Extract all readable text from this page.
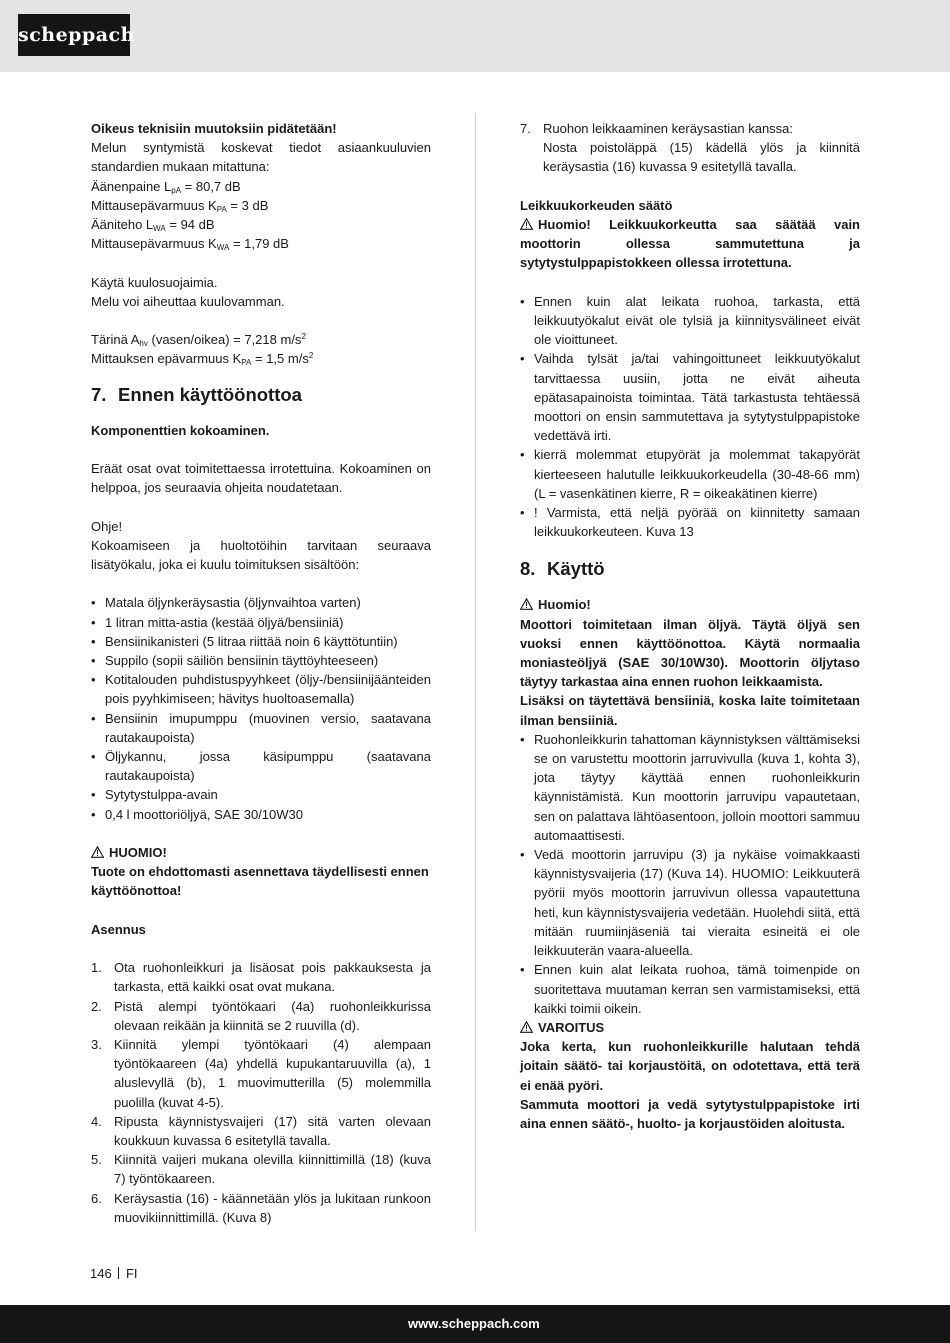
scheppach

Oikeus teknisiin muutoksiin pidätetään!

Melun syntymistä koskevat tiedot asiaankuuluvien standardien mukaan mitattuna:

Äänenpaine $L_{pA} = 80,7$ dB

Mittausepävarmuus $K_{PA} = 3$ dB

Ääniteho $L_{WA} = 94$ dB

Mittausepävarmuus $K_{WA} = 1,79$ dB

Käytä kuulosuojaimia.

Melu voi aiheuttaa kuulovamman.

Tärinä $A_{hv}$ (vasen/oikea) = 7,218 $m/s^2$

Mittauksen epävarmuus $K_{PA} = 1,5$ $m/s^2$

7. Ennen käyttöönottoa

Komponenttien kokoaminen.

Eräät osat ovat toimitettaessa irrotettuina. Kokoaminen on helppoa, jos seuraavia ohjeita noudatetaan.

Ohje!

Kokoamiseen ja huoltotöihin tarvitaan seuraava lisätyökalu, joka ei kuulu toimituksen sisältöön:

• Matala öljynkeräysastia (öljynvaihtoa varten)
• 1 litran mitta-astia (kestää öljyä/bensiiniä)
• Bensiinikanisteri (5 litraa riittää noin 6 käyttötuntiin)
• Suppilo (sopii säiliön bensiinin täyttöyhteeseen)
• Kotitalouden puhdistuspyyhkeet (öljy-/bensiinijäänteiden pois pyyhkimiseen; hävitys huoltoasemalla)
• Bensiinin imupumppu (muovinen versio, saatavana rautakaupoista)
• Öljykannu, jossa käsipumppu (saatavana rautakaupoista)
• Sytytystulppa-avain
• 0,4 l moottoriöljyä, SAE 30/10W30

HUOMIO!

Tuote on ehdottomasti asennettava täydellisesti ennen käyttöönottoa!

Asennus

1. Ota ruohonleikkuri ja lisäosat pois pakkauksesta ja tarkasta, että kaikki osat ovat mukana.
2. Pistä alempi työntökaari (4a) ruohonleikkurissa olevaan reikään ja kiinnitä se 2 ruuvilla (d).
3. Kiinnitä ylempi työntökaari (4) alempaan työntökaareen (4a) yhdellä kupukantaruuvilla (a), 1 aluslevyllä (b), 1 muovimutterilla (5) molemmilla puolilla (kuvat 4-5).
4. Ripusta käynnistysvaijeri (17) sitä varten olevaan koukkuun kuvassa 6 esitetyllä tavalla.
5. Kiinnitä vaijeri mukana olevilla kiinnittimillä (18) (kuva 7) työntökaareen.
6. Keräysastia (16) - käännetään ylös ja lukitaan runkoon muovikiinnittimillä. (Kuva 8)
7. Ruohon leikkaaminen keräysastian kanssa:
Nosta poistoläppä (15) kädellä ylös ja kiinnitä keräysastia (16) kuvassa 9 esitetyllä tavalla.

Leikkuukorkeuden säätö

Huomio! Leikkuukorkeutta saa säätää vain moottorin ollessa sammutettuna ja sytytystulppapistokkeen ollessa irrotettuna.

• Ennen kuin alat leikata ruohoa, tarkasta, että leikkuutyökalut eivät ole tylsiä ja kiinnitysvälineet eivät ole vioittuneet.
• Vaihda tylsät ja/tai vahingoittuneet leikkuutyökalut tarvittaessa uusiin, jotta ne eivät aiheuta epätasapainoista toimintaa. Tätä tarkastusta tehtäessä moottori on ensin sammutettava ja sytytystulppapistoke vedettävä irti.
• kierrä molemmat etupyörät ja molemmat takapyörät kierteeseen halutulle leikkuukorkeudella (30-48-66 mm) (L = vasenkätinen kierre, R = oikeakätinen kierre)
• ! Varmista, että neljä pyörää on kiinnitetty samaan leikkuukorkeuteen. Kuva 13
8. Käyttö

Huomio!

Moottori toimitetaan ilman öljyä. Täytä öljyä sen vuoksi ennen käyttöönottoa. Käytä normaalia moniasteöljyä (SAE 30/10W30). Moottorin öljytaso täytyy tarkastaa aina ennen ruohon leikkaamista.

Lisäksi on täytettävä bensiiniä, koska laite toimitetaan ilman bensiiniä.

• Ruohonleikkurin tahattoman käynnistyksen välttämiseksi se on varustettu moottorin jarruvivulla (kuva 1, kohta 3), jota täytyy käyttää ennen ruohonleikkurin käynnistämistä. Kun moottorin jarruvipu vapautetaan, sen on palattava lähtöasentoon, jolloin moottori sammuu automaattisesti.
• Vedä moottorin jarruvipu (3) ja nykäise voimakkaasti käynnistysvaijeria (17) (Kuva 14). HUOMIO: Leikkuuterä pyörii myös moottorin jarruvivun ollessa vapautettuna heti, kun käynnistysvaijeria vedetään. Huolehdi siitä, että mitään ruumiinjäseniä tai vieraita esineitä ei ole leikkuuterän vaara-alueella.
• Ennen kuin alat leikata ruohoa, tämä toimenpide on suoritettava muutaman kerran sen varmistamiseksi, että kaikki toimii oikein.

VAROITUS

Joka kerta, kun ruohonleikkurille halutaan tehdä joitain säätö- tai korjaustöitä, on odotettava, että terä ei enää pyöri.

Sammuta moottori ja vedä sytytystulppapistoke irti aina ennen säätö-, huolto- ja korjaustöiden aloitusta.

146 FI
www.scheppach.com
